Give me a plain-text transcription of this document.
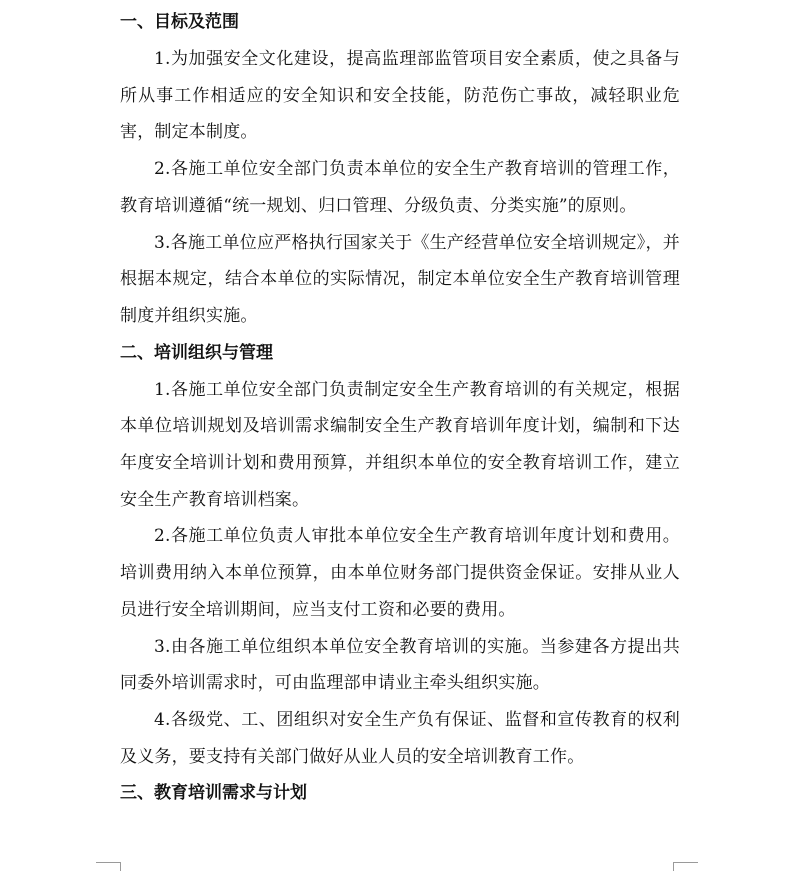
一、目标及范围

1.为加强安全文化建设，提高监理部监管项目安全素质，使之具备与所从事工作相适应的安全知识和安全技能，防范伤亡事故，减轻职业危害，制定本制度。

2.各施工单位安全部门负责本单位的安全生产教育培训的管理工作，教育培训遵循“统一规划、归口管理、分级负责、分类实施”的原则。

3.各施工单位应严格执行国家关于《生产经营单位安全培训规定》，并根据本规定，结合本单位的实际情况，制定本单位安全生产教育培训管理制度并组织实施。

二、培训组织与管理

1.各施工单位安全部门负责制定安全生产教育培训的有关规定，根据本单位培训规划及培训需求编制安全生产教育培训年度计划，编制和下达年度安全培训计划和费用预算，并组织本单位的安全教育培训工作，建立安全生产教育培训档案。

2.各施工单位负责人审批本单位安全生产教育培训年度计划和费用。培训费用纳入本单位预算，由本单位财务部门提供资金保证。安排从业人员进行安全培训期间，应当支付工资和必要的费用。

3.由各施工单位组织本单位安全教育培训的实施。当参建各方提出共同委外培训需求时，可由监理部申请业主牵头组织实施。

4.各级党、工、团组织对安全生产负有保证、监督和宣传教育的权利及义务，要支持有关部门做好从业人员的安全培训教育工作。

三、教育培训需求与计划
